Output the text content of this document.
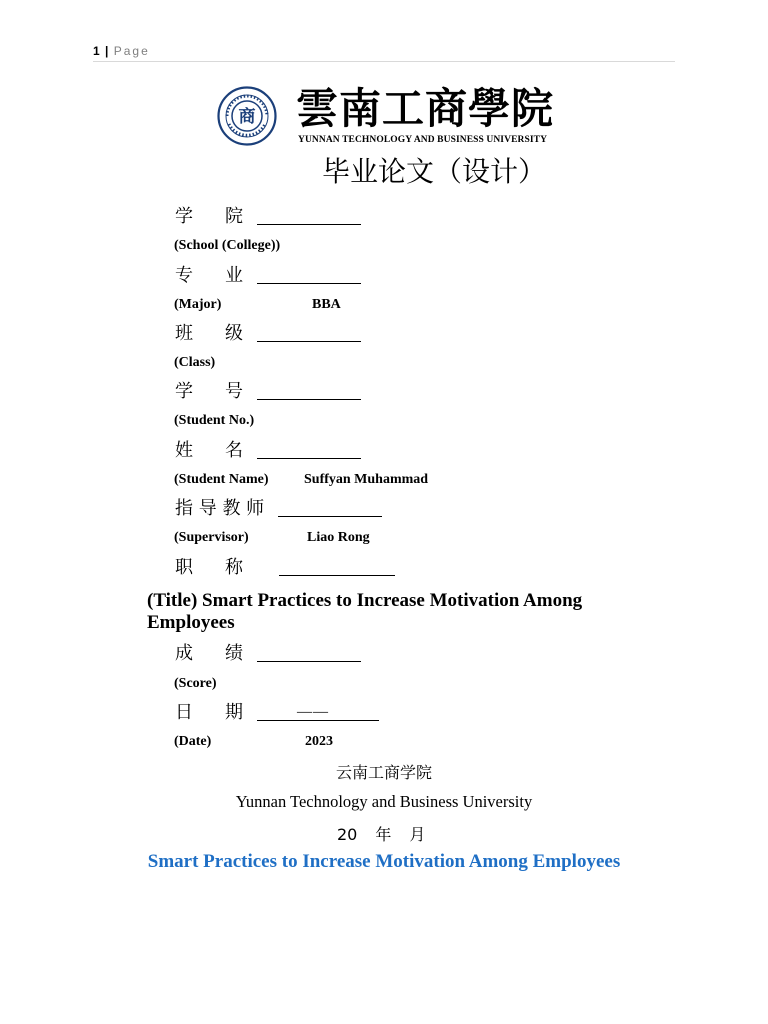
1 | Page
商 雲南工商學院
YUNNAN TECHNOLOGY AND BUSINESS UNIVERSITY
毕业论文（设计）
学 院
(School (College))
专 业
(Major)	BBA
班 级
(Class)
学 号
(Student No.)
姓 名
(Student Name)	Suffyan Muhammad
指 导 教 师
(Supervisor)	Liao Rong
职 称
(Title) Smart Practices to Increase Motivation Among Employees
成 绩
(Score)
日 期	——
(Date)	2023
云南工商学院
Yunnan Technology and Business University
20 年 月
Smart Practices to Increase Motivation Among Employees
